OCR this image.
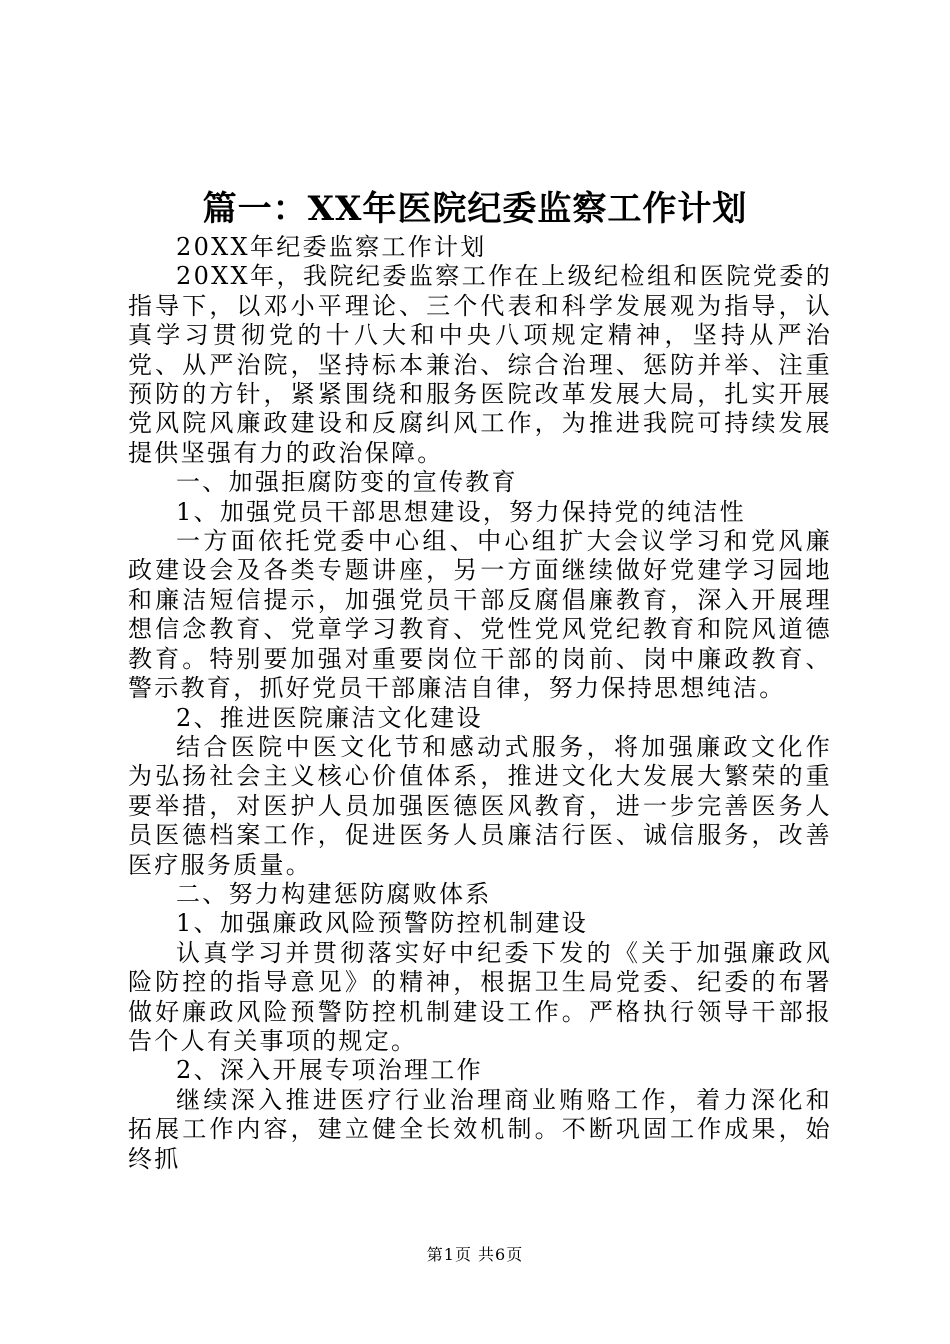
篇一：XX年医院纪委监察工作计划

20XX年纪委监察工作计划

20XX年，我院纪委监察工作在上级纪检组和医院党委的指导下，以邓小平理论、三个代表和科学发展观为指导，认真学习贯彻党的十八大和中央八项规定精神，坚持从严治党、从严治院，坚持标本兼治、综合治理、惩防并举、注重预防的方针，紧紧围绕和服务医院改革发展大局，扎实开展党风院风廉政建设和反腐纠风工作，为推进我院可持续发展提供坚强有力的政治保障。

一、加强拒腐防变的宣传教育

1、加强党员干部思想建设，努力保持党的纯洁性

一方面依托党委中心组、中心组扩大会议学习和党风廉政建设会及各类专题讲座，另一方面继续做好党建学习园地和廉洁短信提示，加强党员干部反腐倡廉教育，深入开展理想信念教育、党章学习教育、党性党风党纪教育和院风道德教育。特别要加强对重要岗位干部的岗前、岗中廉政教育、警示教育，抓好党员干部廉洁自律，努力保持思想纯洁。

2、推进医院廉洁文化建设

结合医院中医文化节和感动式服务，将加强廉政文化作为弘扬社会主义核心价值体系，推进文化大发展大繁荣的重要举措，对医护人员加强医德医风教育，进一步完善医务人员医德档案工作，促进医务人员廉洁行医、诚信服务，改善医疗服务质量。

二、努力构建惩防腐败体系

1、加强廉政风险预警防控机制建设

认真学习并贯彻落实好中纪委下发的《关于加强廉政风险防控的指导意见》的精神，根据卫生局党委、纪委的布署做好廉政风险预警防控机制建设工作。严格执行领导干部报告个人有关事项的规定。

2、深入开展专项治理工作

继续深入推进医疗行业治理商业贿赂工作，着力深化和拓展工作内容，建立健全长效机制。不断巩固工作成果，始终抓

第1页 共6页
